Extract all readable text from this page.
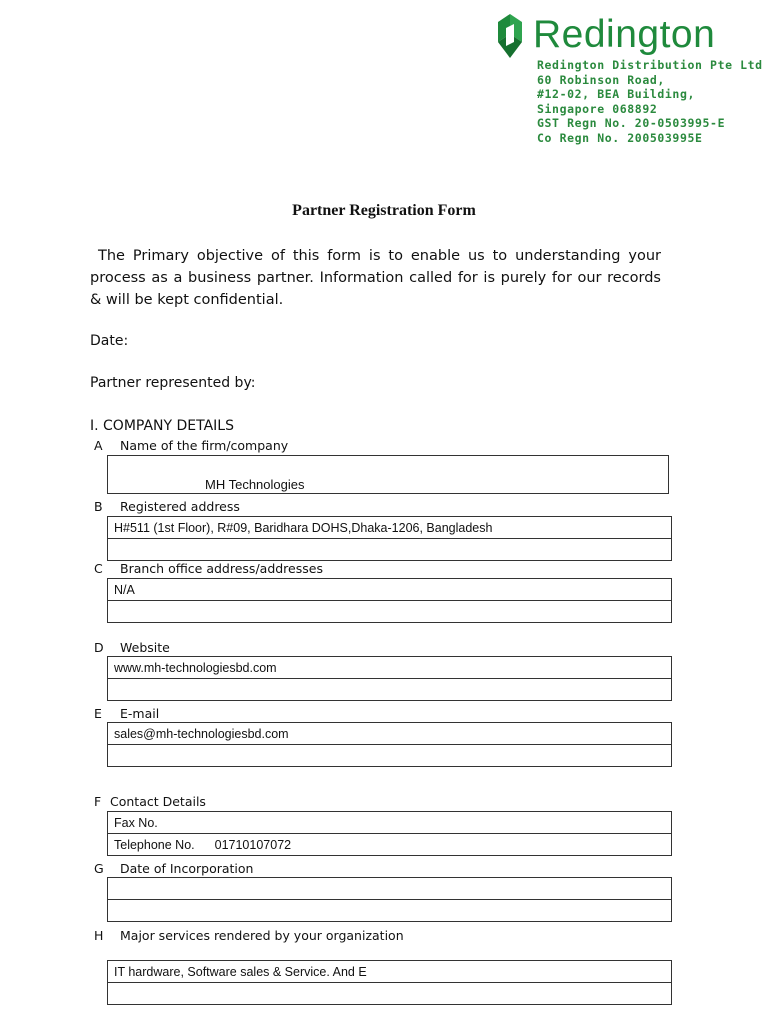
Redington
Redington Distribution Pte Ltd
60 Robinson Road,
#12-02, BEA Building,
Singapore 068892
GST Regn No. 20-0503995-E
Co Regn No. 200503995E
Partner Registration Form
The Primary objective of this form is to enable us to understanding your process as a business partner. Information called for is purely for our records & will be kept confidential.
Date:
Partner represented by:
I. COMPANY DETAILS
A Name of the firm/company
MH Technologies
B Registered address
H#511 (1st Floor), R#09, Baridhara DOHS,Dhaka-1206, Bangladesh
C Branch office address/addresses
N/A
D Website
www.mh-technologiesbd.com
E E-mail
sales@mh-technologiesbd.com
F Contact Details
Fax No.
Telephone No. 01710107072
G Date of Incorporation
H Major services rendered by your organization
IT hardware, Software sales & Service. And E
